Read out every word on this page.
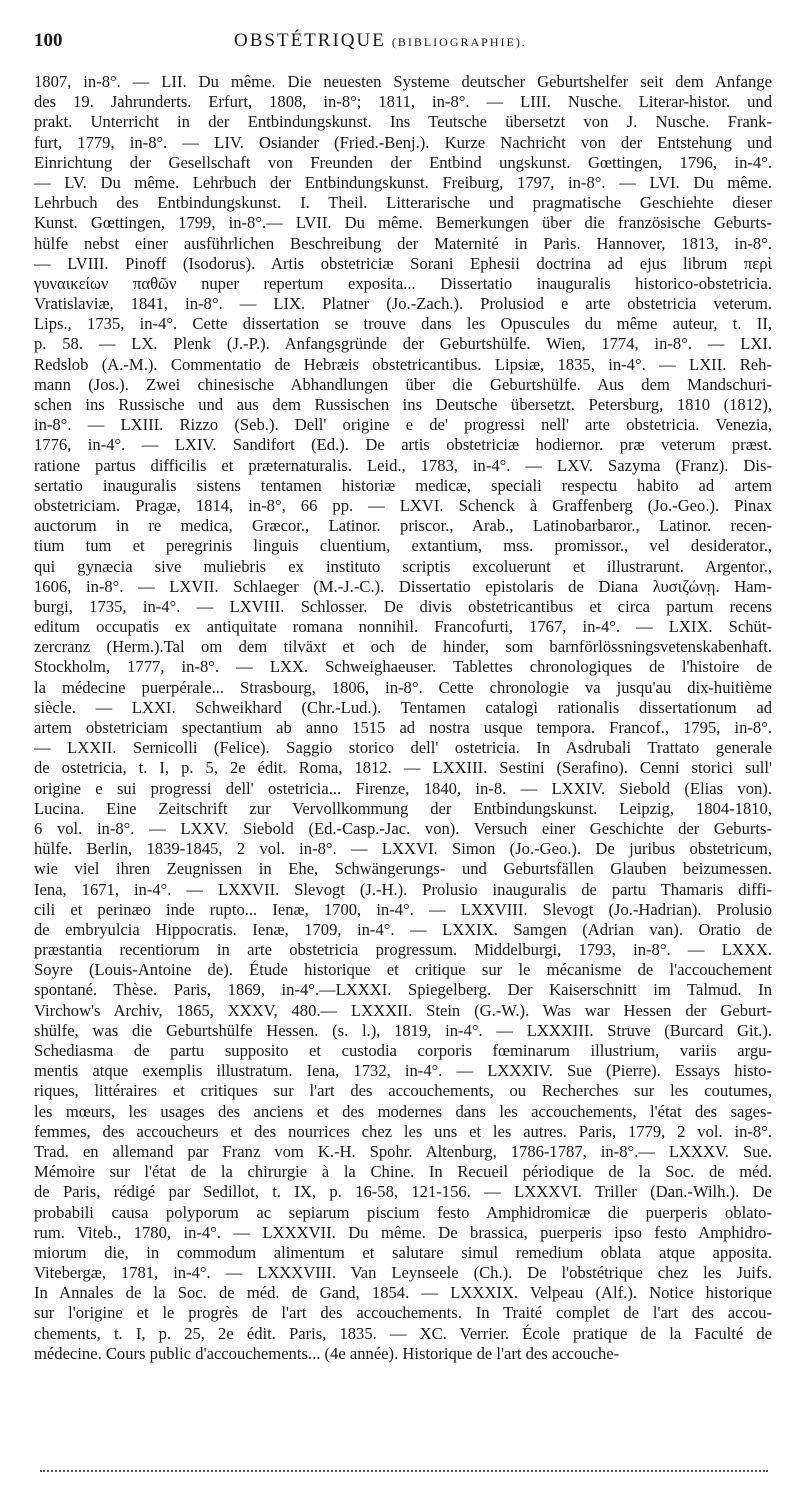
100	OBSTÉTRIQUE (BIBLIOGRAPHIE).
1807, in-8°. — LII. Du même. Die neuesten Systeme deutscher Geburtshelfer seit dem Anfange
des 19. Jahrunderts. Erfurt, 1808, in-8°; 1811, in-8°. — LIII. Nusche. Literar-histor. und
prakt. Unterricht in der Entbindungskunst. Ins Teutsche übersetzt von J. Nusche. Frank-
furt, 1779, in-8°. — LIV. Osiander (Fried.-Benj.). Kurze Nachricht von der Entstehung und
Einrichtung der Gesellschaft von Freunden der Entbind ungskunst. Gœttingen, 1796, in-4°.
— LV. Du même. Lehrbuch der Entbindungskunst. Freiburg, 1797, in-8°. — LVI. Du même.
Lehrbuch des Entbindungskunst. I. Theil. Litterarische und pragmatische Geschiehte dieser
Kunst. Gœttingen, 1799, in-8°.— LVII. Du même. Bemerkungen über die französische Geburts-
hülfe nebst einer ausführlichen Beschreibung der Maternité in Paris. Hannover, 1813, in-8°.
— LVIII. Pinoff (Isodorus). Artis obstetriciæ Sorani Ephesii doctrina ad ejus librum περὶ
γυναικείων παθῶν nuper repertum exposita... Dissertatio inauguralis historico-obstetricia.
Vratislaviæ, 1841, in-8°. — LIX. Platner (Jo.-Zach.). Prolusiod e arte obstetricia veterum.
Lips., 1735, in-4°. Cette dissertation se trouve dans les Opuscules du même auteur, t. II,
p. 58. — LX. Plenk (J.-P.). Anfangsgründe der Geburtshülfe. Wien, 1774, in-8°. — LXI.
Redslob (A.-M.). Commentatio de Hebræis obstetricantibus. Lipsiæ, 1835, in-4°. — LXII. Reh-
mann (Jos.). Zwei chinesische Abhandlungen über die Geburtshülfe. Aus dem Mandschuri-
schen ins Russische und aus dem Russischen ins Deutsche übersetzt. Petersburg, 1810 (1812),
in-8°. — LXIII. Rizzo (Seb.). Dell' origine e de' progressi nell' arte obstetricia. Venezia,
1776, in-4°. — LXIV. Sandifort (Ed.). De artis obstetriciæ hodiernor. præ veterum præst.
ratione partus difficilis et præternaturalis. Leid., 1783, in-4°. — LXV. Sazyma (Franz). Dis-
sertatio inauguralis sistens tentamen historiæ medicæ, speciali respectu habito ad artem
obstetriciam. Pragæ, 1814, in-8°, 66 pp. — LXVI. Schenck à Graffenberg (Jo.-Geo.). Pinax
auctorum in re medica, Græcor., Latinor. priscor., Arab., Latinobarbaror., Latinor. recen-
tium tum et peregrinis linguis cluentium, extantium, mss. promissor., vel desiderator.,
qui gynæcia sive muliebris ex instituto scriptis excoluerunt et illustrarunt. Argentor.,
1606, in-8°. — LXVII. Schlaeger (M.-J.-C.). Dissertatio epistolaris de Diana λυσιζώνῃ. Ham-
burgi, 1735, in-4°. — LXVIII. Schlosser. De divis obstetricantibus et circa partum recens
editum occupatis ex antiquitate romana nonnihil. Francofurti, 1767, in-4°. — LXIX. Schüt-
zercranz (Herm.).Tal om dem tilväxt et och de hinder, som barnförlössningsvetenskabenhaft.
Stockholm, 1777, in-8°. — LXX. Schweighaeuser. Tablettes chronologiques de l'histoire de
la médecine puerpérale... Strasbourg, 1806, in-8°. Cette chronologie va jusqu'au dix-huitième
siècle. — LXXI. Schweikhard (Chr.-Lud.). Tentamen catalogi rationalis dissertationum ad
artem obstetriciam spectantium ab anno 1515 ad nostra usque tempora. Francof., 1795, in-8°.
— LXXII. Sernicolli (Felice). Saggio storico dell' ostetricia. In Asdrubali Trattato generale
de ostetricia, t. I, p. 5, 2e édit. Roma, 1812. — LXXIII. Sestini (Serafino). Cenni storici sull'
origine e sui progressi dell' ostetricia... Firenze, 1840, in-8. — LXXIV. Siebold (Elias von).
Lucina. Eine Zeitschrift zur Vervollkommung der Entbindungskunst. Leipzig, 1804-1810,
6 vol. in-8°. — LXXV. Siebold (Ed.-Casp.-Jac. von). Versuch einer Geschichte der Geburts-
hülfe. Berlin, 1839-1845, 2 vol. in-8°. — LXXVI. Simon (Jo.-Geo.). De juribus obstetricum,
wie viel ihren Zeugnissen in Ehe, Schwängerungs- und Geburtsfällen Glauben beizumessen.
Iena, 1671, in-4°. — LXXVII. Slevogt (J.-H.). Prolusio inauguralis de partu Thamaris diffi-
cili et perinæo inde rupto... Ienæ, 1700, in-4°. — LXXVIII. Slevogt (Jo.-Hadrian). Prolusio
de embryulcia Hippocratis. Ienæ, 1709, in-4°. — LXXIX. Samgen (Adrian van). Oratio de
præstantia recentiorum in arte obstetricia progressum. Middelburgi, 1793, in-8°. — LXXX.
Soyre (Louis-Antoine de). Étude historique et critique sur le mécanisme de l'accouchement
spontané. Thèse. Paris, 1869, in-4°.—LXXXI. Spiegelberg. Der Kaiserschnitt im Talmud. In
Virchow's Archiv, 1865, XXXV, 480.— LXXXII. Stein (G.-W.). Was war Hessen der Geburt-
shülfe, was die Geburtshülfe Hessen. (s. l.), 1819, in-4°. — LXXXIII. Struve (Burcard Git.).
Schediasma de partu supposito et custodia corporis fœminarum illustrium, variis argu-
mentis atque exemplis illustratum. Iena, 1732, in-4°. — LXXXIV. Sue (Pierre). Essays histo-
riques, littéraires et critiques sur l'art des accouchements, ou Recherches sur les coutumes,
les mœurs, les usages des anciens et des modernes dans les accouchements, l'état des sages-
femmes, des accoucheurs et des nourrices chez les uns et les autres. Paris, 1779, 2 vol. in-8°.
Trad. en allemand par Franz vom K.-H. Spohr. Altenburg, 1786-1787, in-8°.— LXXXV. Sue.
Mémoire sur l'état de la chirurgie à la Chine. In Recueil périodique de la Soc. de méd.
de Paris, rédigé par Sedillot, t. IX, p. 16-58, 121-156. — LXXXVI. Triller (Dan.-Wilh.). De
probabili causa polyporum ac sepiarum piscium festo Amphidromicæ die puerperis oblato-
rum. Viteb., 1780, in-4°. — LXXXVII. Du même. De brassica, puerperis ipso festo Amphidro-
miorum die, in commodum alimentum et salutare simul remedium oblata atque apposita.
Vitebergæ, 1781, in-4°. — LXXXVIII. Van Leynseele (Ch.). De l'obstétrique chez les Juifs.
In Annales de la Soc. de méd. de Gand, 1854. — LXXXIX. Velpeau (Alf.). Notice historique
sur l'origine et le progrès de l'art des accouchements. In Traité complet de l'art des accou-
chements, t. I, p. 25, 2e édit. Paris, 1835. — XC. Verrier. École pratique de la Faculté de
médecine. Cours public d'accouchements... (4e année). Historique de l'art des accouche-
